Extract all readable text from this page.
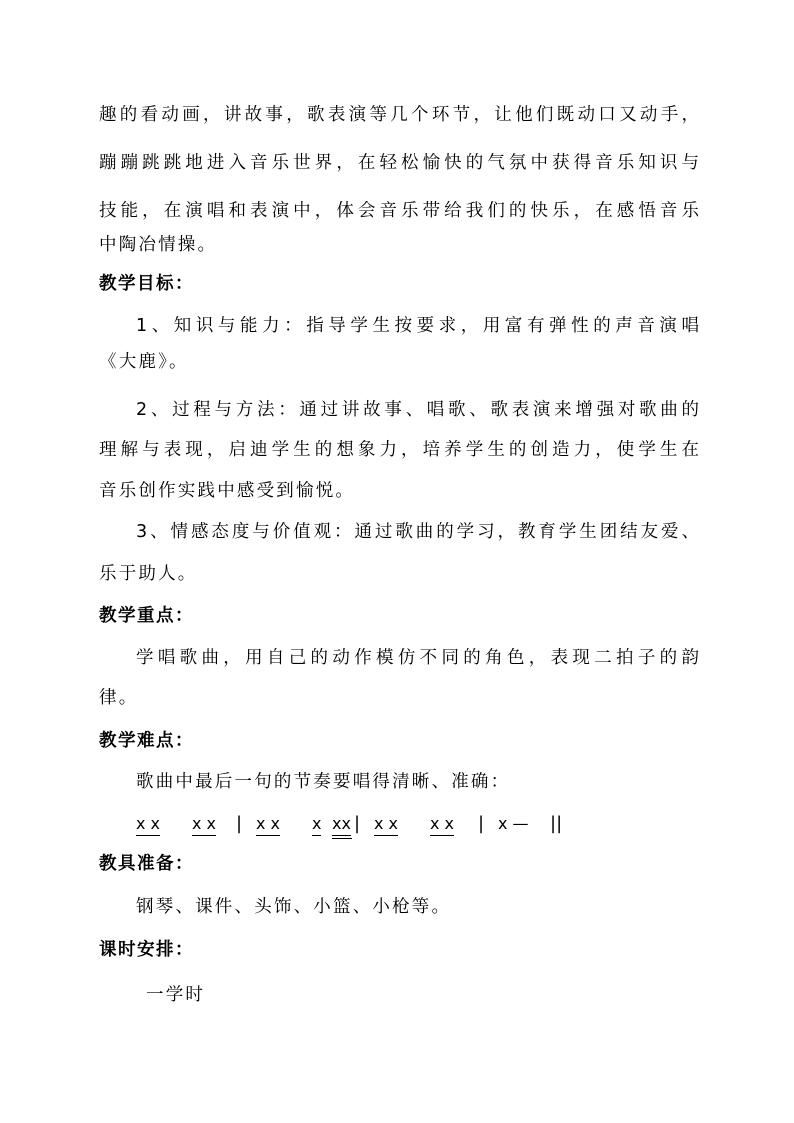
趣的看动画，讲故事，歌表演等几个环节，让他们既动口又动手，
蹦蹦跳跳地进入音乐世界，在轻松愉快的气氛中获得音乐知识与
技能，在演唱和表演中，体会音乐带给我们的快乐，在感悟音乐
中陶冶情操。
教学目标：
1、知识与能力：指导学生按要求，用富有弹性的声音演唱
《大鹿》。
2、过程与方法：通过讲故事、唱歌、歌表演来增强对歌曲的
理解与表现，启迪学生的想象力，培养学生的创造力，使学生在
音乐创作实践中感受到愉悦。
3、情感态度与价值观：通过歌曲的学习，教育学生团结友爱、
乐于助人。
教学重点：
学唱歌曲，用自己的动作模仿不同的角色，表现二拍子的韵
律。
教学难点：
歌曲中最后一句的节奏要唱得清晰、准确：
x x x x | x x x xx | x x x x | x — ||
教具准备：
钢琴、课件、头饰、小篮、小枪等。
课时安排：
一学时
